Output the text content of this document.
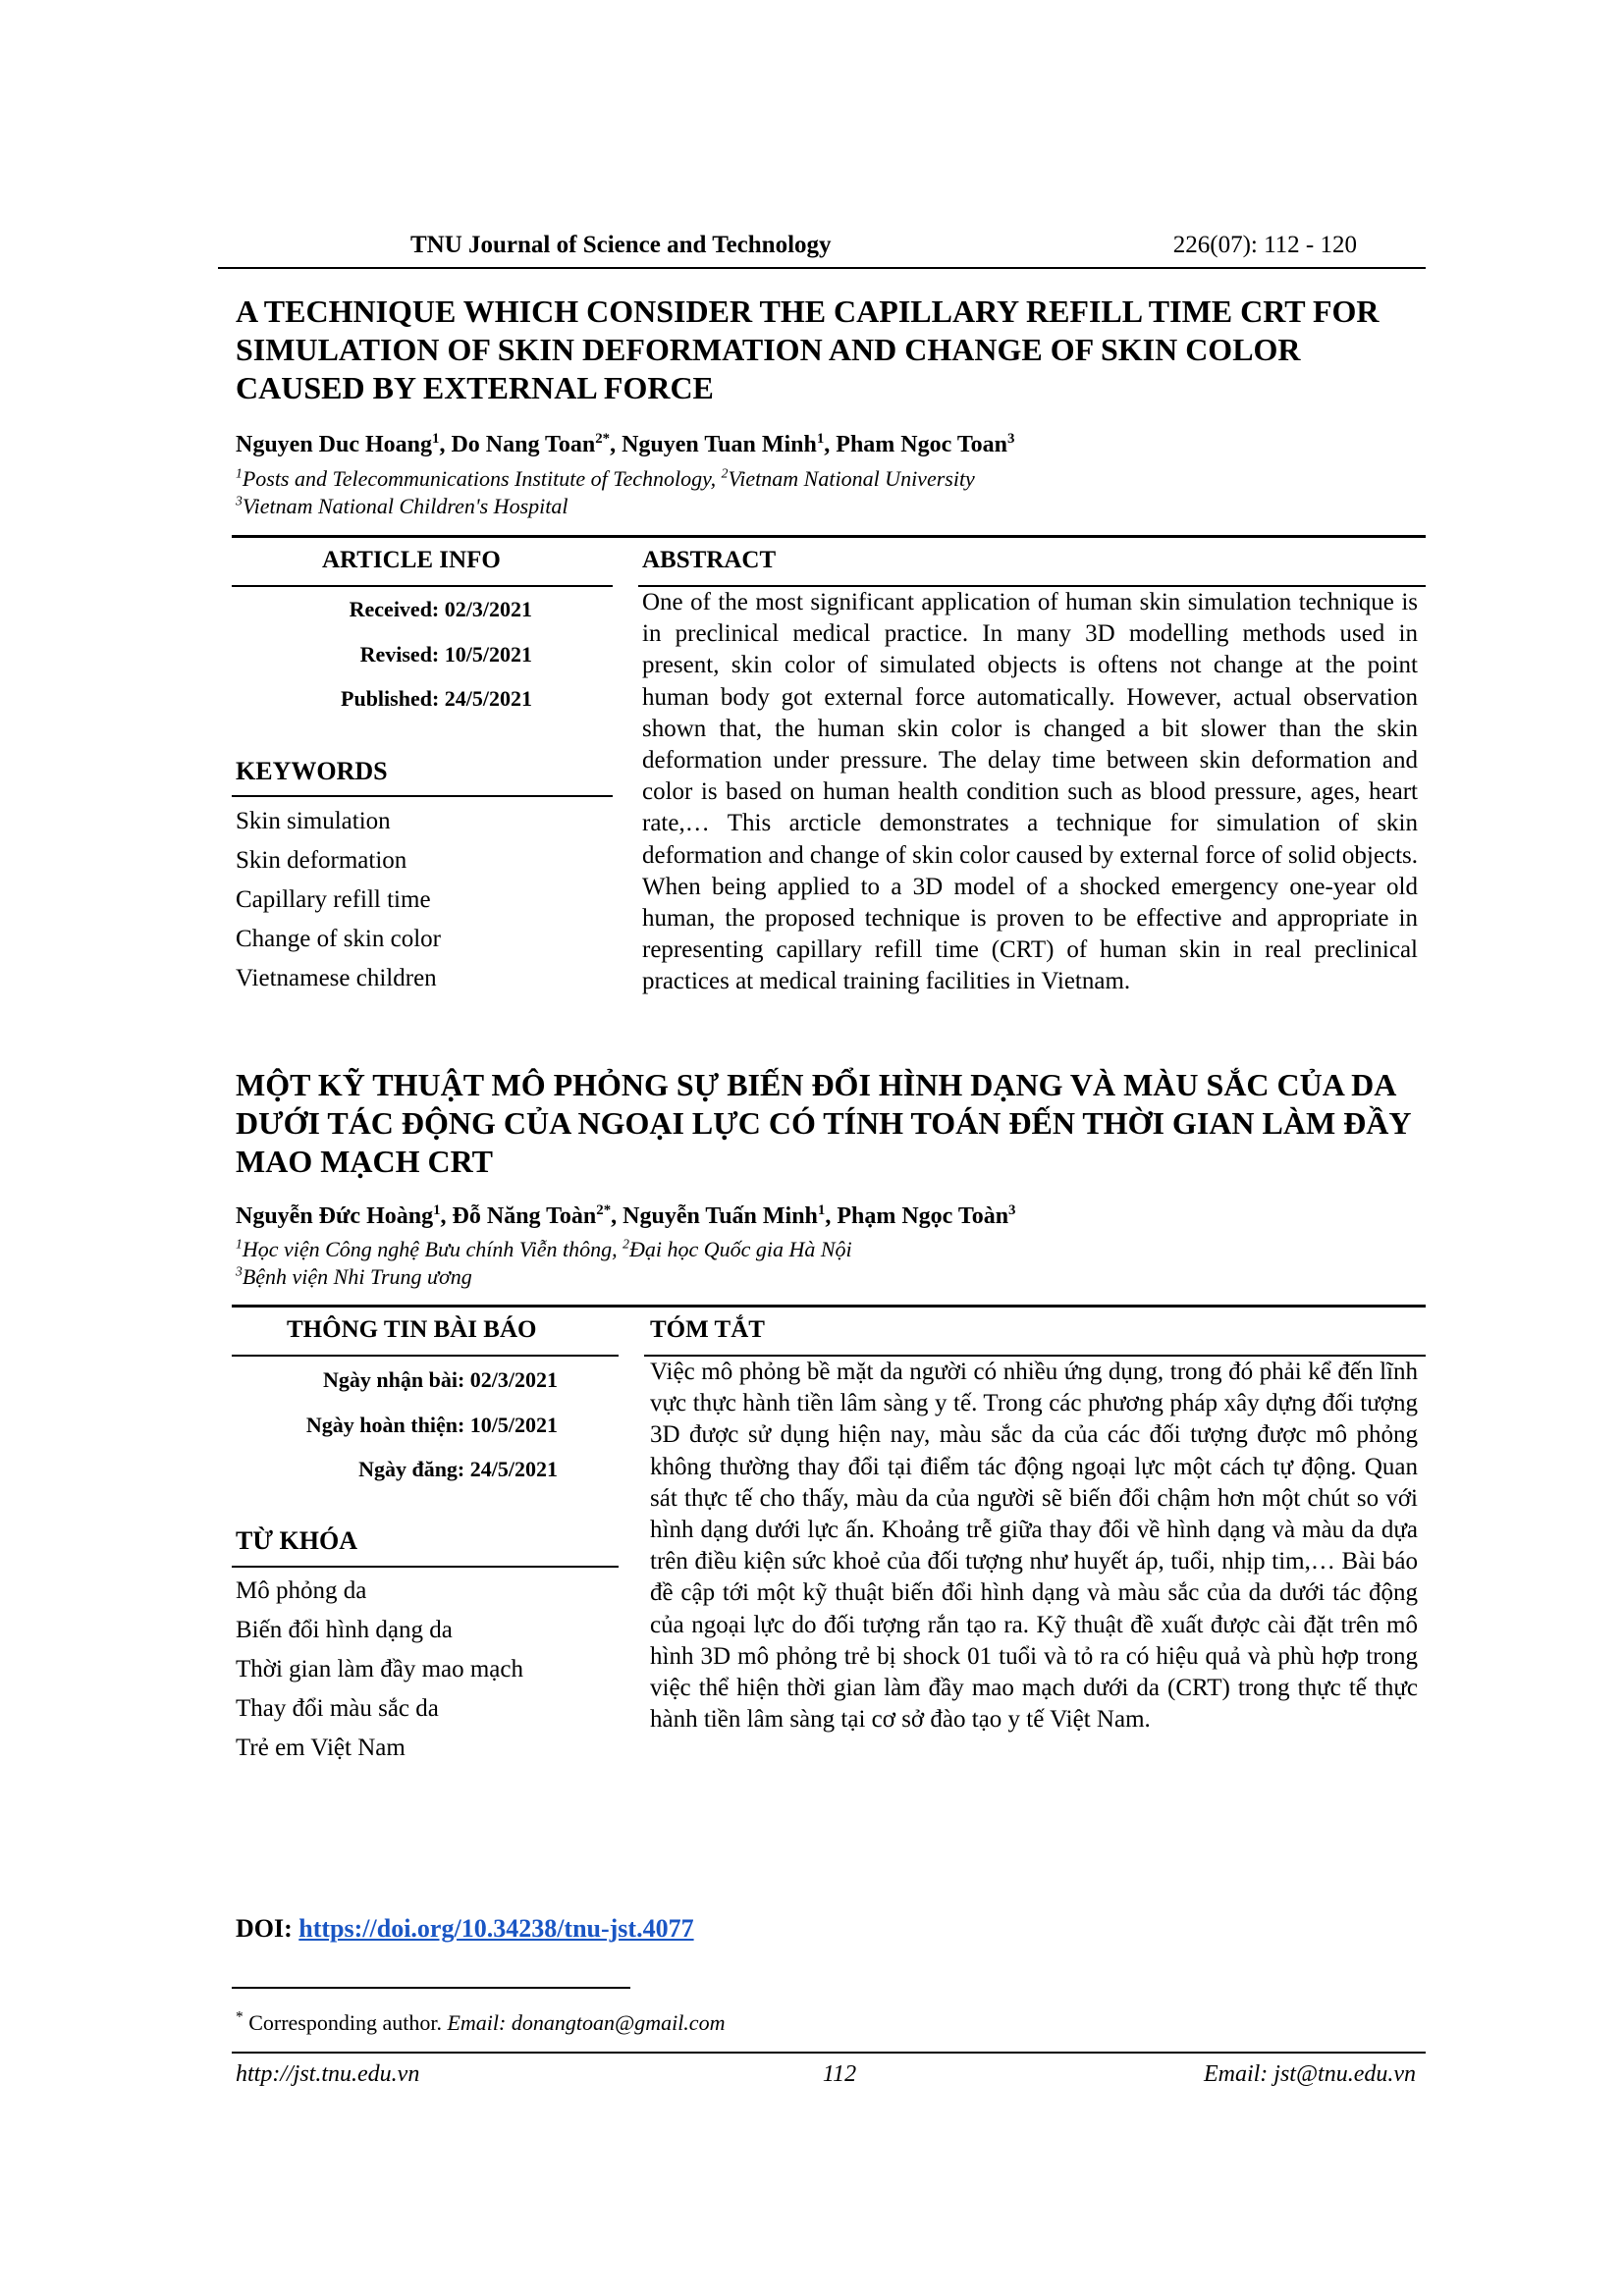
TNU Journal of Science and Technology	226(07): 112 - 120
A TECHNIQUE WHICH CONSIDER THE CAPILLARY REFILL TIME CRT FOR SIMULATION OF SKIN DEFORMATION AND CHANGE OF SKIN COLOR CAUSED BY EXTERNAL FORCE
Nguyen Duc Hoang$^1$, Do Nang Toan$^{2*}$, Nguyen Tuan Minh$^1$, Pham Ngoc Toan$^3$
$^1$Posts and Telecommunications Institute of Technology, $^2$Vietnam National University
$^3$Vietnam National Children's Hospital
ARTICLE INFO	ABSTRACT
Received: 02/3/2021
Revised: 10/5/2021
Published: 24/5/2021
KEYWORDS
Skin simulation
Skin deformation
Capillary refill time
Change of skin color
Vietnamese children

One of the most significant application of human skin simulation technique is in preclinical medical practice. In many 3D modelling methods used in present, skin color of simulated objects is oftens not change at the point human body got external force automatically. However, actual observation shown that, the human skin color is changed a bit slower than the skin deformation under pressure. The delay time between skin deformation and color is based on human health condition such as blood pressure, ages, heart rate,… This arcticle demonstrates a technique for simulation of skin deformation and change of skin color caused by external force of solid objects. When being applied to a 3D model of a shocked emergency one-year old human, the proposed technique is proven to be effective and appropriate in representing capillary refill time (CRT) of human skin in real preclinical practices at medical training facilities in Vietnam.

MỘT KỸ THUẬT MÔ PHỎNG SỰ BIẾN ĐỔI HÌNH DẠNG VÀ MÀU SẮC CỦA DA DƯỚI TÁC ĐỘNG CỦA NGOẠI LỰC CÓ TÍNH TOÁN ĐẾN THỜI GIAN LÀM ĐẦY MAO MẠCH CRT
Nguyễn Đức Hoàng$^1$, Đỗ Năng Toàn$^{2*}$, Nguyễn Tuấn Minh$^1$, Phạm Ngọc Toàn$^3$
$^1$Học viện Công nghệ Bưu chính Viễn thông, $^2$Đại học Quốc gia Hà Nội
$^3$Bệnh viện Nhi Trung ương
THÔNG TIN BÀI BÁO	TÓM TẮT
Ngày nhận bài: 02/3/2021
Ngày hoàn thiện: 10/5/2021
Ngày đăng: 24/5/2021
TỪ KHÓA
Mô phỏng da
Biến đổi hình dạng da
Thời gian làm đầy mao mạch
Thay đổi màu sắc da
Trẻ em Việt Nam

Việc mô phỏng bề mặt da người có nhiều ứng dụng, trong đó phải kể đến lĩnh vực thực hành tiền lâm sàng y tế. Trong các phương pháp xây dựng đối tượng 3D được sử dụng hiện nay, màu sắc da của các đối tượng được mô phỏng không thường thay đổi tại điểm tác động ngoại lực một cách tự động. Quan sát thực tế cho thấy, màu da của người sẽ biến đổi chậm hơn một chút so với hình dạng dưới lực ấn. Khoảng trễ giữa thay đổi về hình dạng và màu da dựa trên điều kiện sức khoẻ của đối tượng như huyết áp, tuổi, nhịp tim,… Bài báo đề cập tới một kỹ thuật biến đổi hình dạng và màu sắc của da dưới tác động của ngoại lực do đối tượng rắn tạo ra. Kỹ thuật đề xuất được cài đặt trên mô hình 3D mô phỏng trẻ bị shock 01 tuổi và tỏ ra có hiệu quả và phù hợp trong việc thể hiện thời gian làm đầy mao mạch dưới da (CRT) trong thực tế thực hành tiền lâm sàng tại cơ sở đào tạo y tế Việt Nam.

DOI: https://doi.org/10.34238/tnu-jst.4077
* Corresponding author. Email: donangtoan@gmail.com
http://jst.tnu.edu.vn	112	Email: jst@tnu.edu.vn
